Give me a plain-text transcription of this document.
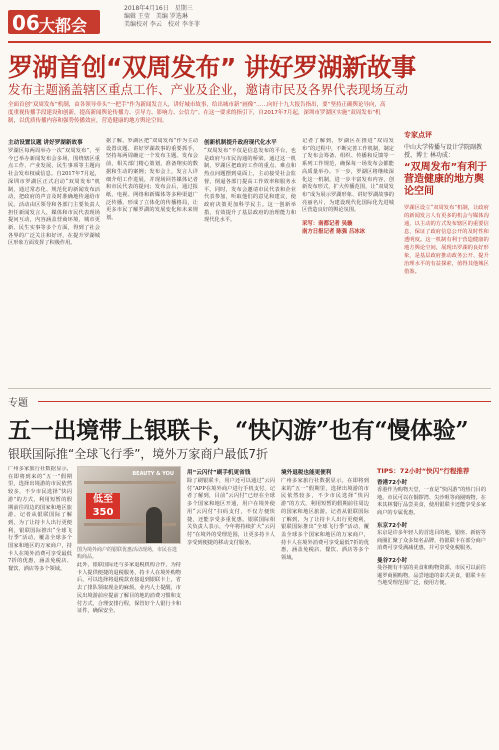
06 大都会
2018年4月16日　星期三
编辑 王莹　美编 罗选琳
美编校对 李云　校对 李冬菲
罗湖首创“双周发布” 讲好罗湖新故事
发布主题涵盖辖区重点工作、产业及企业，邀请市民及各界代表现场互动
全面首创“双周发布”机制，由各领导牵头“一把手”作为新闻发言人，讲好城市故事，给出城市新“画像”……向好十九大报告指出，要“坚持正确舆论导向，高度重视传播手段建设和创新，提高新闻舆论传播力、引导力、影响力、公信力”。在这一要求的指引下，自2017年7月起，深圳市罗湖区实施“双周发布”机制，以优质传播内容和强势传播效应，营造健康的地方舆论空间。
专家点评
中山大学传播与设计学院副教授、博士 林功成：
“双周发布”有利于营造健康的地方舆论空间
罗湖区设立“双周发布”机制，让政府的新闻发言人有更多的机会与媒体沟通，以主动的方式发布辖区的重要信息，保证了政府信息公开的及时性和透明度。这一机制有利于营造健康的地方舆论空间，展现出罗湖的良好形象，是基层政府推动政务公开、提升治理水平的有益探索，值得其他城区借鉴。
主动设置议题 讲好罗湖新故事

罗湖区每两周举办一次“双周发布”，至今已举办新闻发布会多场，围绕辖区重点工作、产业发展、民生事项等主题向社会发布权威信息。自2017年7月起，深圳市罗湖区正式启动“双周发布”机制，通过常态化、规范化的新闻发布活动，把政府的声音及时准确地传递给市民。活动由区领导和各部门主要负责人担任新闻发言人，媒体和市民代表现场提问互动，内容涵盖营商环境、城市更新、民生实事等多个方面，得到了社会各界的广泛关注和好评，在提升罗湖城区形象方面发挥了积极作用。

据了解，罗湖区把“双周发布”作为主动设置议题、讲好罗湖故事的重要抓手，坚持每两周确定一个发布主题。发布会前，相关部门精心策划，准备翔实的数据和生动的案例；发布会上，发言人详细介绍工作进展，并现场回答媒体记者和市民代表的提问；发布会后，通过报纸、电视、网络和新媒体等多种渠道广泛传播，形成了立体化的传播格局，让更多市民了解罗湖的发展变化和未来规划。

创新机制提升政府现代化水平

“双周发布”不仅是信息发布的平台，也是政府与市民沟通的桥梁。通过这一机制，罗湖区把政府工作的重点、难点和热点问题摆到桌面上，主动接受社会监督，倒逼各部门提高工作效率和服务水平。同时，发布会邀请市民代表和企业代表参加，听取他们的意见和建议，使政府决策更加科学民主。这一创新举措，有效提升了基层政府的治理能力和现代化水平。

记者了解到，罗湖区在推进“双周发布”的过程中，不断完善工作机制，制定了发布会筹备、组织、传播和反馈等一系列工作规范，确保每一场发布会都能高质量举办。下一步，罗湖区将继续深化这一机制，进一步丰富发布内容，创新发布形式，扩大传播范围，让“双周发布”成为展示罗湖形象、讲好罗湖故事的亮丽名片，为建设现代化国际化先进城区营造良好的舆论氛围。

采写：南都记者 吴璇
南方日报记者 陈强 吕冰冰
专题
五一出境带上银联卡，“快闪游”也有“慢体验”
银联国际推“全球飞行季”，境外万家商户最低7折

广州多家旅行社数据显示，在即将到来的“五一”假期里，选择出境游的市民依然较多，不少市民选择“快闪游”的方式，利用短暂的假期前往周边的国家和地区旅游。记者从银联国际了解到，为了让持卡人出行更便利，银联国际推出“全球飞行季”活动，覆盖全球多个国家和地区的万家商户，持卡人在境外消费可享受最低7折的优惠，涵盖免税店、餐饮、酒店等多个领域。

BEAUTY & YOU
低至
350
图为境外商户的银联优惠活动现场，市民在选购商品。

此外，银联国际还与多家退税机构合作，为持卡人提供便捷的退税服务，持卡人在境外购物后，可以选择将退税款直接退到银联卡上，省去了排队领取现金的麻烦。业内人士提醒，市民出境游前应提前了解目的地的消费习惯和支付方式，合理安排行程，保管好个人银行卡和证件，确保安全。

用“云闪付”刷手机更省钱

除了刷银联卡，用户还可以通过“云闪付”APP在境外商户进行手机支付。记者了解到，目前“云闪付”已经在全球多个国家和地区开通，用户在境外使用“云闪付”扫码支付，不仅方便快捷，还能享受多重优惠。银联国际相关负责人表示，今年将持续扩大“云闪付”在境外的受理范围，让更多持卡人享受到便捷的移动支付服务。

境外退税也能更便利

广州多家旅行社数据显示，在即将到来的“五一”假期里，选择出境游的市民依然较多，不少市民选择“快闪游”的方式，利用短暂的假期前往周边的国家和地区旅游。记者从银联国际了解到，为了让持卡人出行更便利，银联国际推出“全球飞行季”活动，覆盖全球多个国家和地区的万家商户，持卡人在境外消费可享受最低7折的优惠，涵盖免税店、餐饮、酒店等多个领域。

TIPS：72小时“快闪”行程推荐
香港72小时

香港作为购物天堂，一直是“快闪游”的热门目的地。市民可以在铜锣湾、尖沙咀等商圈购物，在米其林餐厅品尝美食，使用银联卡还能享受多家商户的专属优惠。

东京72小时

东京是许多年轻人的首选目的地，银座、新宿等商圈汇聚了众多知名品牌，持银联卡在部分商户消费可享受满减优惠，并可享受免税服务。

曼谷72小时

曼谷拥有丰富的美食和购物资源，市民可以前往暹罗商圈购物，品尝地道的泰式美食，银联卡在当地受理范围广泛，使用方便。
